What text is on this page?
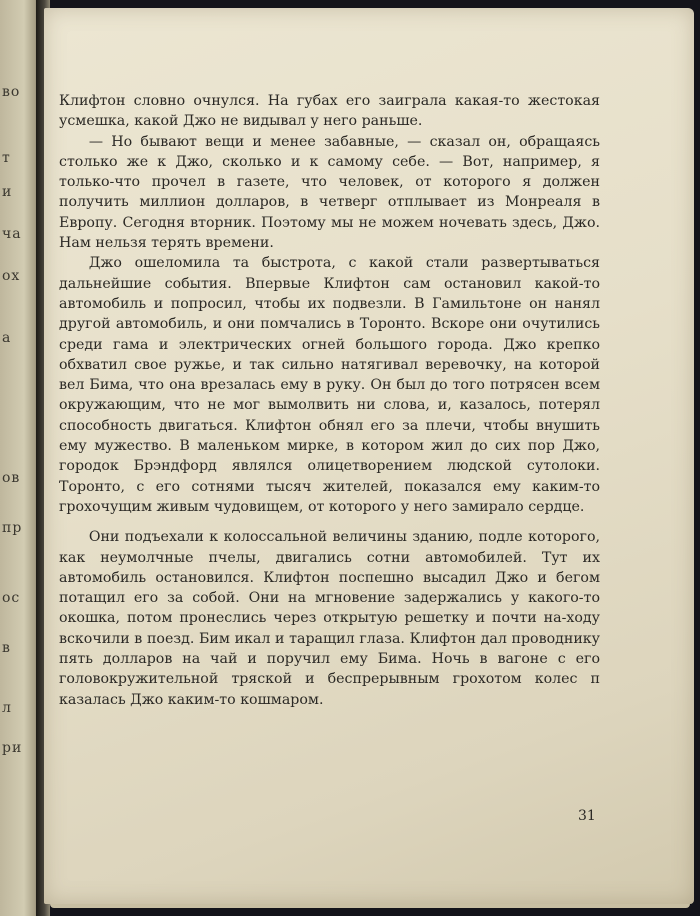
во
т
и
ча
ох
а
ов
пр
ос
в
л
ри

Клифтон словно очнулся. На губах его заиграла какая-то жестокая усмешка, какой Джо не видывал у него раньше.

— Но бывают вещи и менее забавные, — сказал он, обращаясь столько же к Джо, сколько и к самому себе. — Вот, например, я только-что прочел в газете, что человек, от которого я должен получить миллион долларов, в четверг отплывает из Монреаля в Европу. Сегодня вторник. Поэтому мы не можем ночевать здесь, Джо. Нам нельзя терять времени.

Джо ошеломила та быстрота, с какой стали развертываться дальнейшие события. Впервые Клифтон сам остановил какой-то автомобиль и попросил, чтобы их подвезли. В Гамильтоне он нанял другой автомобиль, и они помчались в Торонто. Вскоре они очутились среди гама и электрических огней большого города. Джо крепко обхватил свое ружье, и так сильно натягивал веревочку, на которой вел Бима, что она врезалась ему в руку. Он был до того потрясен всем окружающим, что не мог вымолвить ни слова, и, казалось, потерял способность двигаться. Клифтон обнял его за плечи, чтобы внушить ему мужество. В маленьком мирке, в котором жил до сих пор Джо, городок Брэндфорд являлся олицетворением людской сутолоки. Торонто, с его сотнями тысяч жителей, показался ему каким-то грохочущим живым чудовищем, от которого у него замирало сердце.

Они подъехали к колоссальной величины зданию, подле которого, как неумолчные пчелы, двигались сотни автомобилей. Тут их автомобиль остановился. Клифтон поспешно высадил Джо и бегом потащил его за собой. Они на мгновение задержались у какого-то окошка, потом пронеслись через открытую решетку и почти на-ходу вскочили в поезд. Бим икал и таращил глаза. Клифтон дал проводнику пять долларов на чай и поручил ему Бима. Ночь в вагоне с его головокружительной тряской и беспрерывным грохотом колес п казалась Джо каким-то кошмаром.

31
